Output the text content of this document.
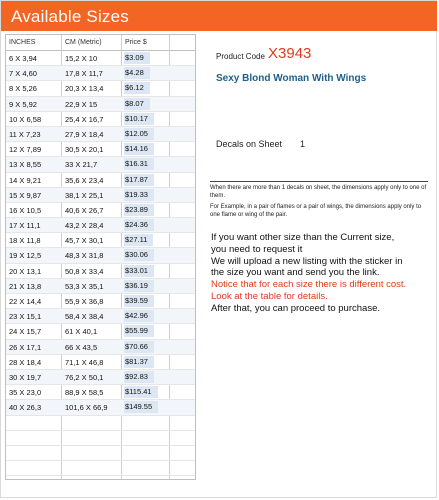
Available Sizes
INCHES	CM (Metric)	Price $
6 X 3,94	15,2 X 10	$3.09
7 X 4,60	17,8 X 11,7	$4.28
8 X 5,26	20,3 X 13,4	$6.12
9 X 5,92	22,9 X 15	$8.07
10 X 6,58	25,4 X 16,7	$10.17
11 X 7,23	27,9 X 18,4	$12.05
12 X 7,89	30,5 X 20,1	$14.16
13 X 8,55	33 X 21,7	$16.31
14 X 9,21	35,6 X 23,4	$17.87
15 X 9,87	38,1 X 25,1	$19.33
16 X 10,5	40,6 X 26,7	$23.89
17 X 11,1	43,2 X 28,4	$24.36
18 X 11,8	45,7 X 30,1	$27.11
19 X 12,5	48,3 X 31,8	$30.06
20 X 13,1	50,8 X 33,4	$33.01
21 X 13,8	53,3 X 35,1	$36.19
22 X 14,4	55,9 X 36,8	$39.59
23 X 15,1	58,4 X 38,4	$42.96
24 X 15,7	61 X 40,1	$55.99
26 X 17,1	66 X 43,5	$70.66
28 X 18,4	71,1 X 46,8	$81.37
30 X 19,7	76,2 X 50,1	$92.83
35 X 23,0	88,9 X 58,5	$115.41
40 X 26,3	101,6 X 66,9 $149.55
Product Code X3943
Sexy Blond Woman With Wings
Decals on Sheet 1

When there are more than 1 decals on sheet, the dimensions apply only to one of them.

For Example, in a pair of flames or a pair of wings, the dimensions apply only to one flame or wing of the pair.

If you want other size than the Current size,
you need to request it
We will upload a new listing with the sticker in
the size you want and send you the link.
Notice that for each size there is different cost.
Look at the table for details.
After that, you can proceed to purchase.
